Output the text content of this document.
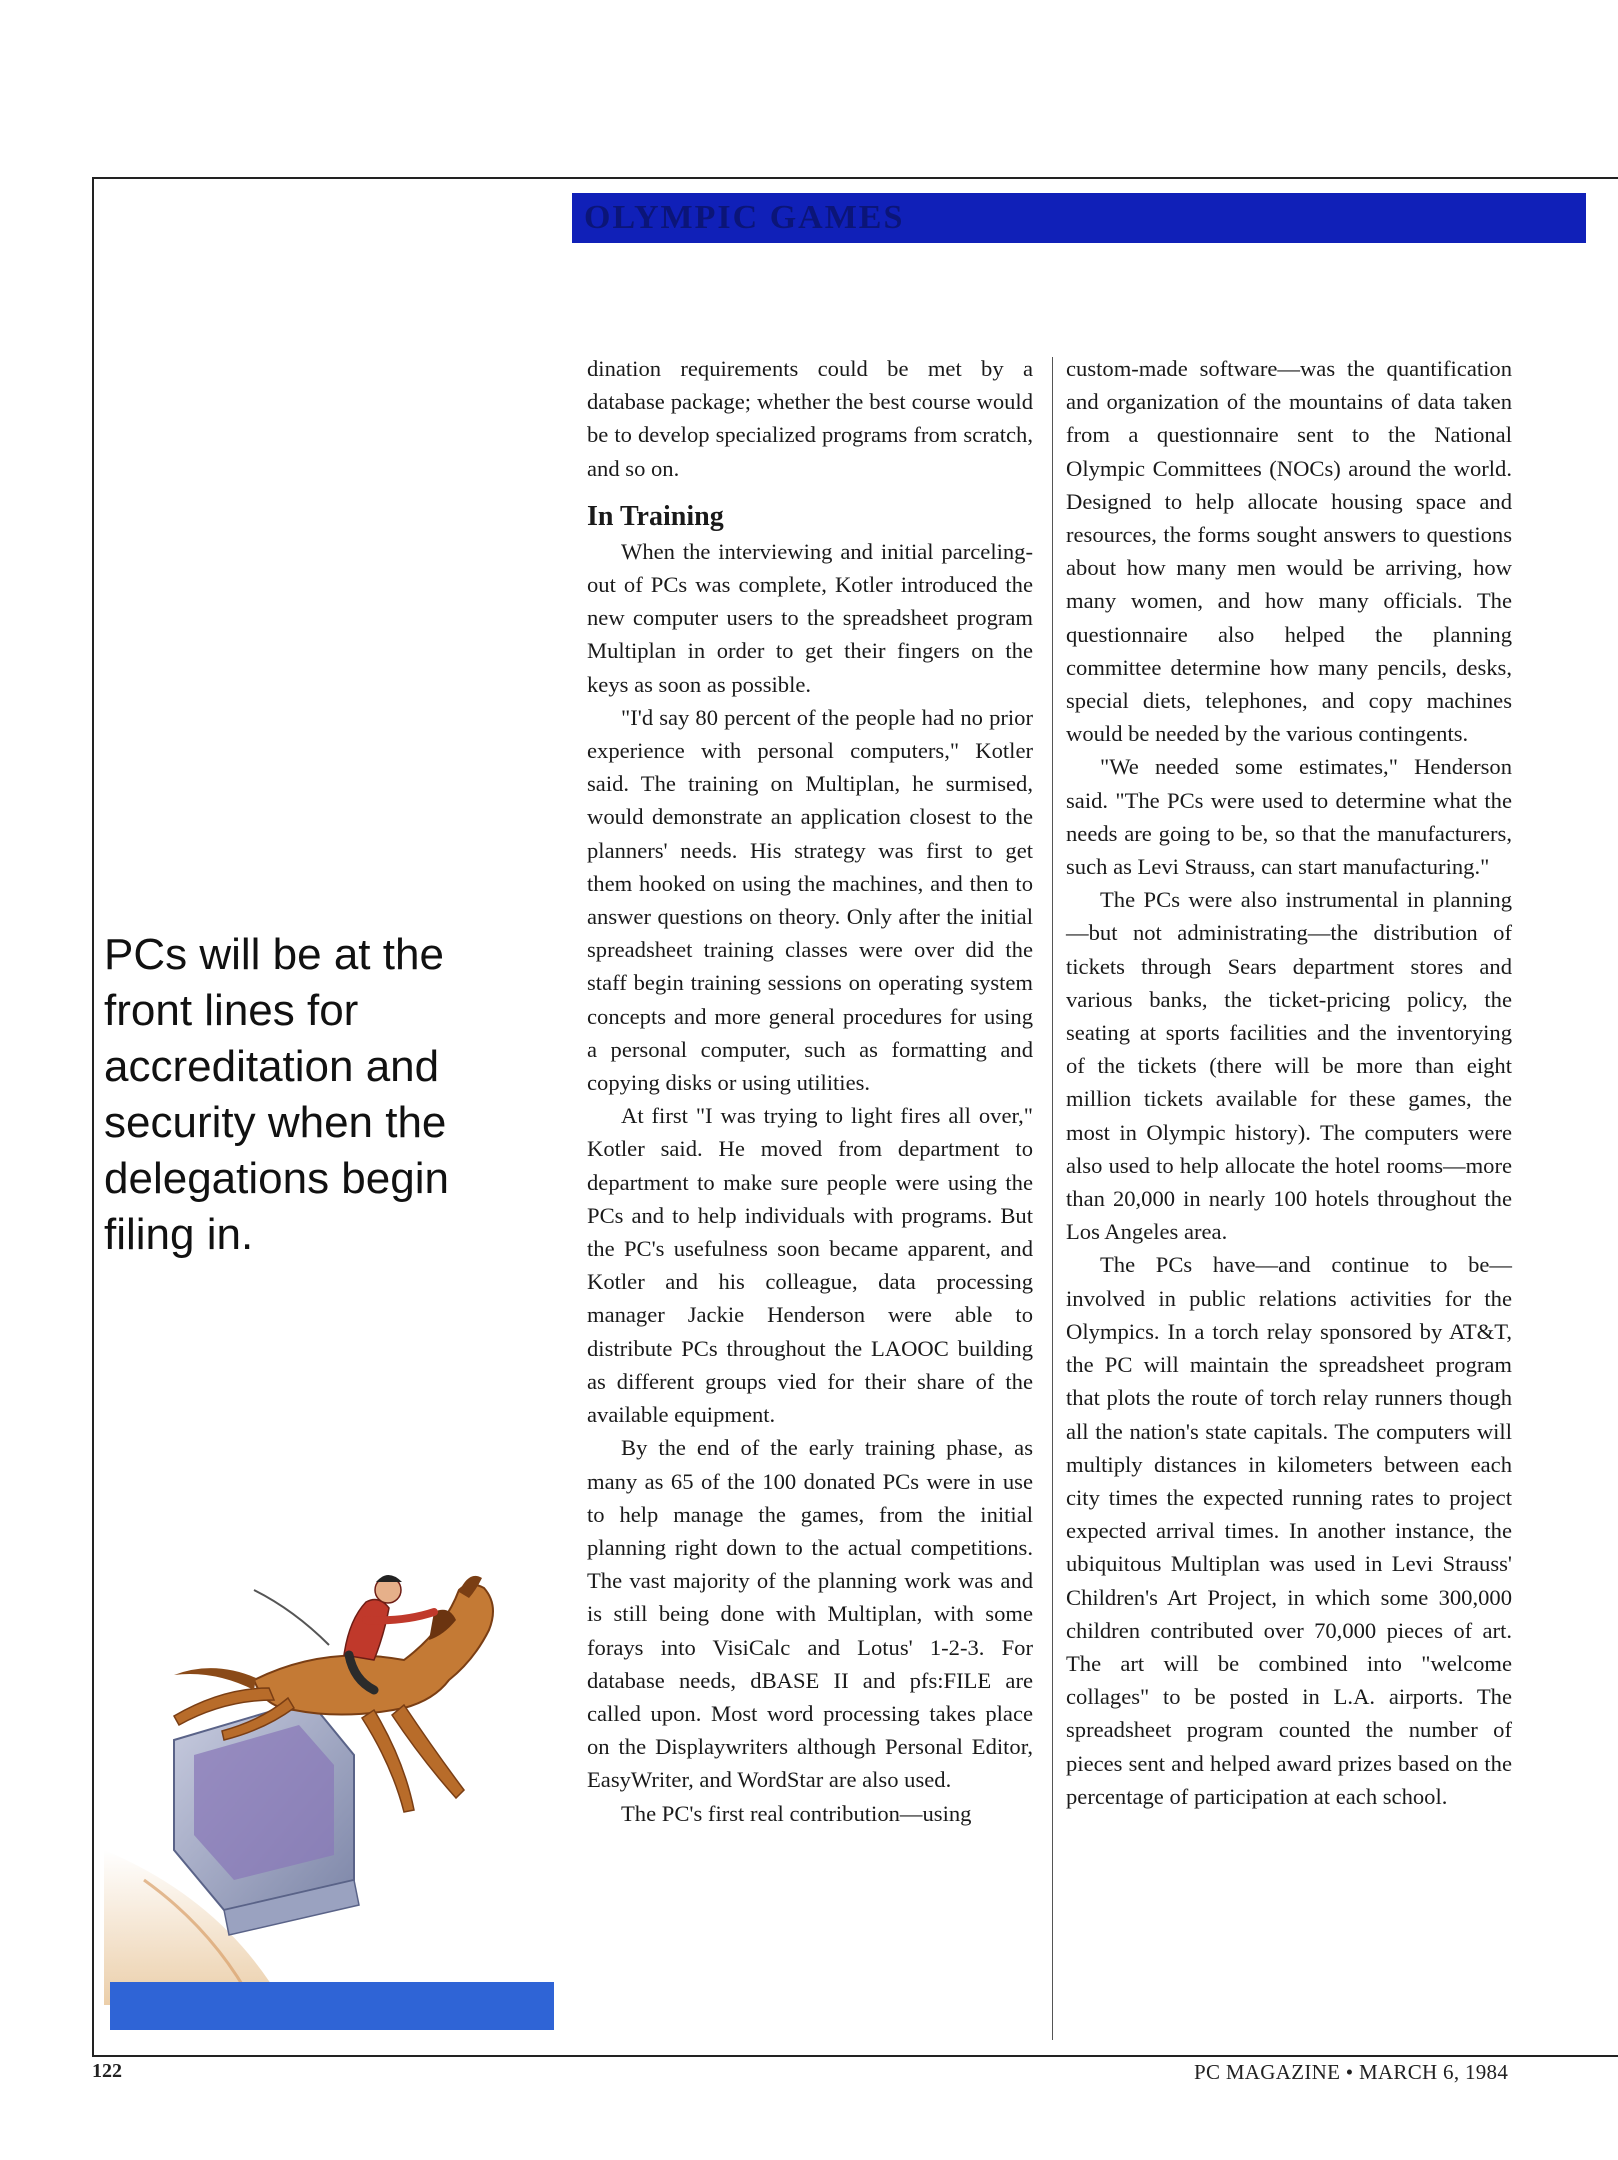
OLYMPIC GAMES
PCs will be at the front lines for accreditation and security when the delegations begin filing in.

dination requirements could be met by a database package; whether the best course would be to develop specialized programs from scratch, and so on.

In Training

When the interviewing and initial parceling-out of PCs was complete, Kotler introduced the new computer users to the spreadsheet program Multiplan in order to get their fingers on the keys as soon as possible.

"I'd say 80 percent of the people had no prior experience with personal computers," Kotler said. The training on Multiplan, he surmised, would demonstrate an application closest to the planners' needs. His strategy was first to get them hooked on using the machines, and then to answer questions on theory. Only after the initial spreadsheet training classes were over did the staff begin training sessions on operating system concepts and more general procedures for using a personal computer, such as formatting and copying disks or using utilities.

At first "I was trying to light fires all over," Kotler said. He moved from department to department to make sure people were using the PCs and to help individuals with programs. But the PC's usefulness soon became apparent, and Kotler and his colleague, data processing manager Jackie Henderson were able to distribute PCs throughout the LAOOC building as different groups vied for their share of the available equipment.

By the end of the early training phase, as many as 65 of the 100 donated PCs were in use to help manage the games, from the initial planning right down to the actual competitions. The vast majority of the planning work was and is still being done with Multiplan, with some forays into VisiCalc and Lotus' 1-2-3. For database needs, dBASE II and pfs:FILE are called upon. Most word processing takes place on the Displaywriters although Personal Editor, EasyWriter, and WordStar are also used.

The PC's first real contribution—using

custom-made software—was the quantification and organization of the mountains of data taken from a questionnaire sent to the National Olympic Committees (NOCs) around the world. Designed to help allocate housing space and resources, the forms sought answers to questions about how many men would be arriving, how many women, and how many officials. The questionnaire also helped the planning committee determine how many pencils, desks, special diets, telephones, and copy machines would be needed by the various contingents.

"We needed some estimates," Henderson said. "The PCs were used to determine what the needs are going to be, so that the manufacturers, such as Levi Strauss, can start manufacturing."

The PCs were also instrumental in planning—but not administrating—the distribution of tickets through Sears department stores and various banks, the ticket-pricing policy, the seating at sports facilities and the inventorying of the tickets (there will be more than eight million tickets available for these games, the most in Olympic history). The computers were also used to help allocate the hotel rooms—more than 20,000 in nearly 100 hotels throughout the Los Angeles area.

The PCs have—and continue to be—involved in public relations activities for the Olympics. In a torch relay sponsored by AT&T, the PC will maintain the spreadsheet program that plots the route of torch relay runners though all the nation's state capitals. The computers will multiply distances in kilometers between each city times the expected running rates to project expected arrival times. In another instance, the ubiquitous Multiplan was used in Levi Strauss' Children's Art Project, in which some 300,000 children contributed over 70,000 pieces of art. The art will be combined into "welcome collages" to be posted in L.A. airports. The spreadsheet program counted the number of pieces sent and helped award prizes based on the percentage of participation at each school.

122	PC MAGAZINE • MARCH 6, 1984
